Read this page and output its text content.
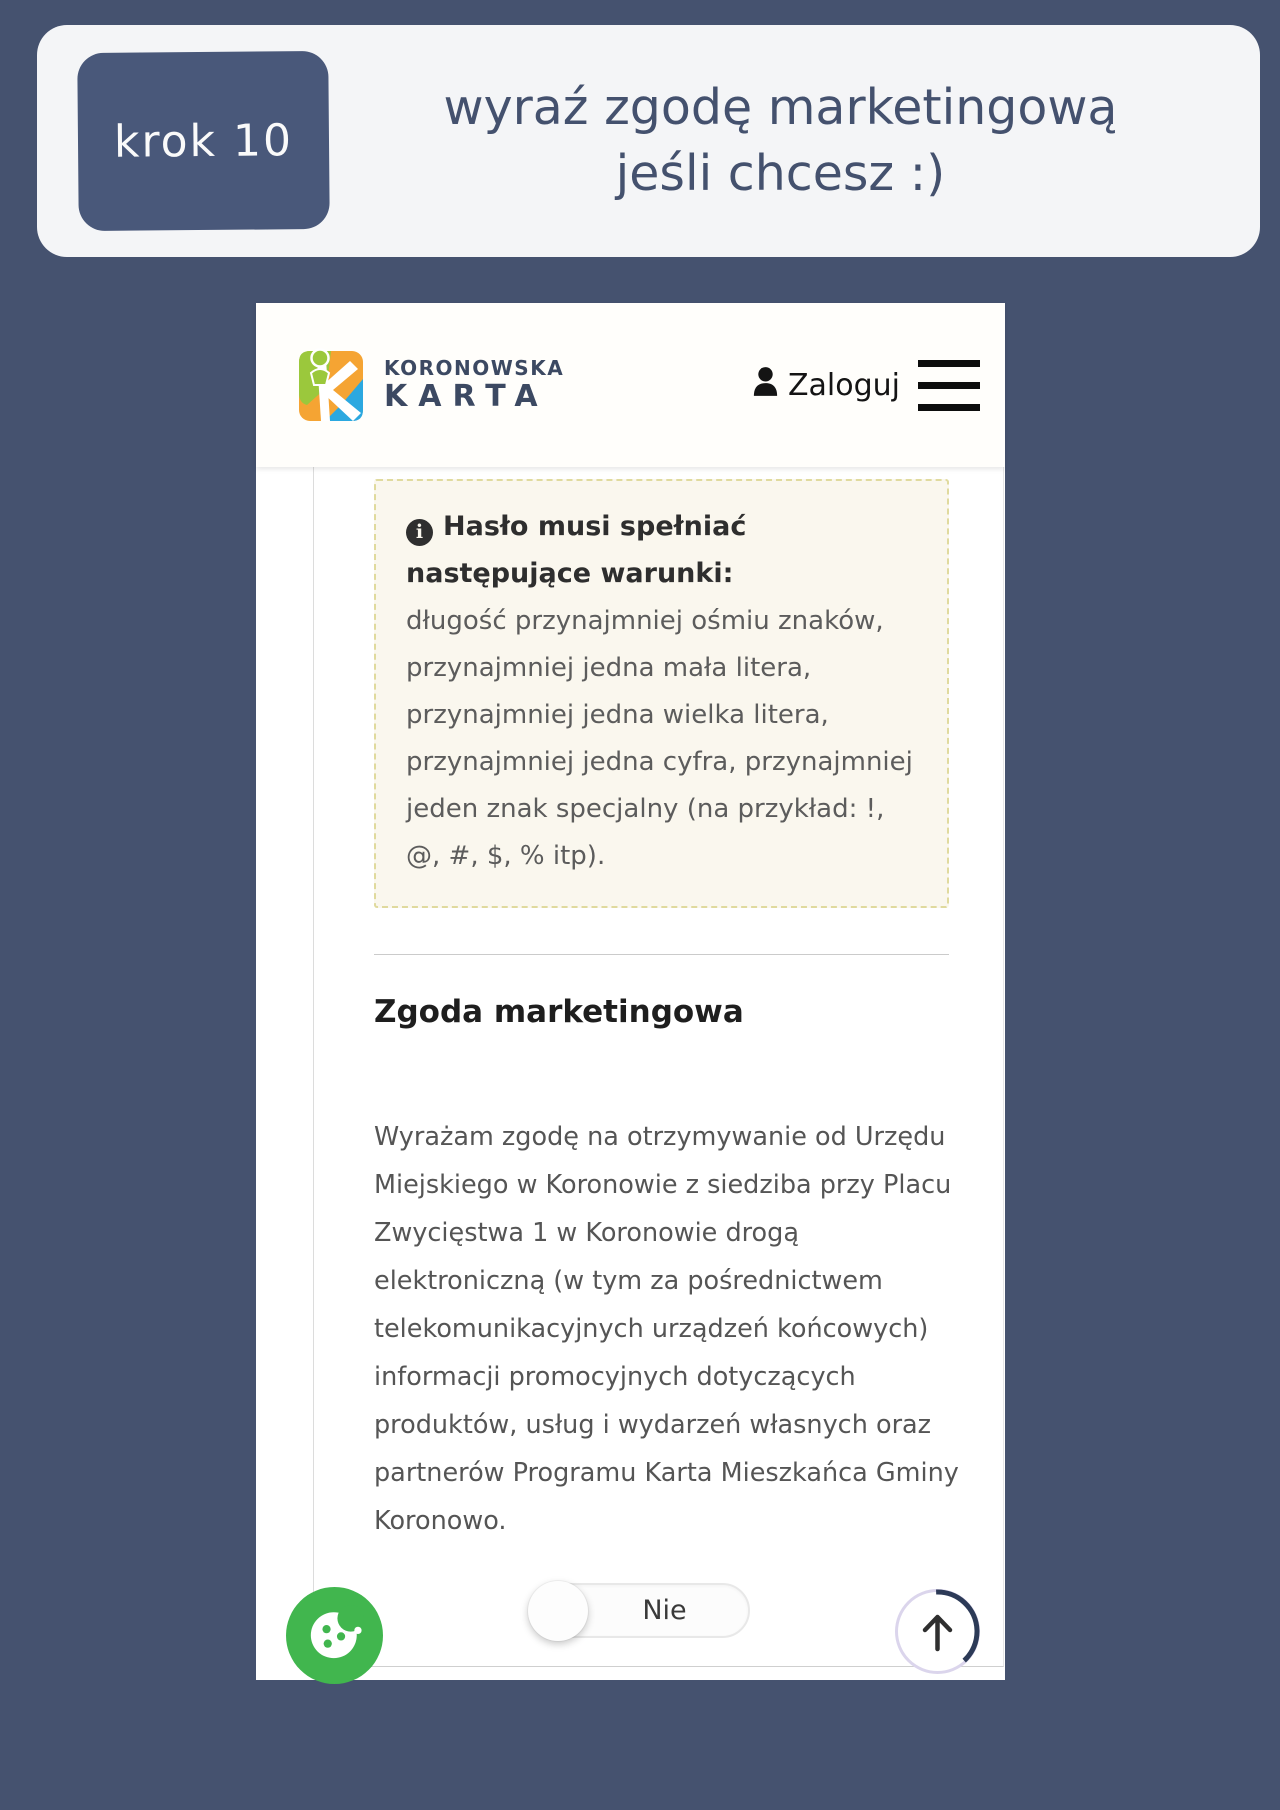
krok 10
wyraź zgodę marketingową
jeśli chcesz :)
KORONOWSKA
KARTA	Zaloguj
i Hasło musi spełniać następujące warunki:
długość przynajmniej ośmiu znaków, przynajmniej jedna mała litera, przynajmniej jedna wielka litera, przynajmniej jedna cyfra, przynajmniej jeden znak specjalny (na przykład: !, @, #, $, % itp).
Zgoda marketingowa
Wyrażam zgodę na otrzymywanie od Urzędu Miejskiego w Koronowie z siedziba przy Placu Zwycięstwa 1 w Koronowie drogą elektroniczną (w tym za pośrednictwem telekomunikacyjnych urządzeń końcowych) informacji promocyjnych dotyczących produktów, usług i wydarzeń własnych oraz partnerów Programu Karta Mieszkańca Gminy Koronowo.
Nie
